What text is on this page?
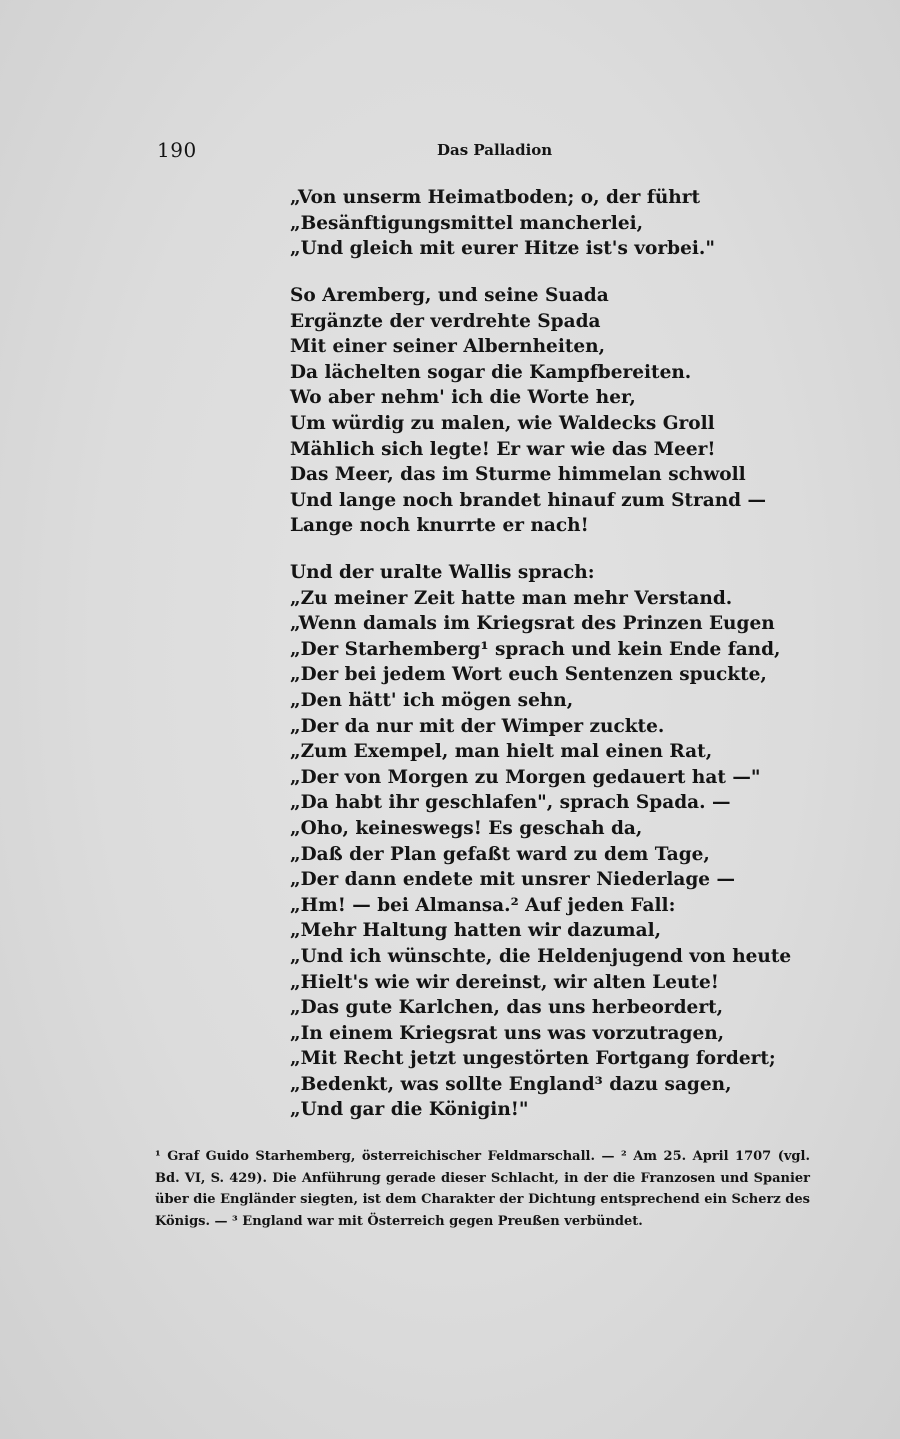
190	Das Palladion
„Von unserm Heimatboden; o, der führt
„Besänftigungsmittel mancherlei,
„Und gleich mit eurer Hitze ist's vorbei."
So Aremberg, und seine Suada
Ergänzte der verdrehte Spada
Mit einer seiner Albernheiten,
Da lächelten sogar die Kampfbereiten.
Wo aber nehm' ich die Worte her,
Um würdig zu malen, wie Waldecks Groll
Mählich sich legte! Er war wie das Meer!
Das Meer, das im Sturme himmelan schwoll
Und lange noch brandet hinauf zum Strand —
Lange noch knurrte er nach!
Und der uralte Wallis sprach:
„Zu meiner Zeit hatte man mehr Verstand.
„Wenn damals im Kriegsrat des Prinzen Eugen
„Der Starhemberg¹ sprach und kein Ende fand,
„Der bei jedem Wort euch Sentenzen spuckte,
„Den hätt' ich mögen sehn,
„Der da nur mit der Wimper zuckte.
„Zum Exempel, man hielt mal einen Rat,
„Der von Morgen zu Morgen gedauert hat —"
„Da habt ihr geschlafen", sprach Spada. —
„Oho, keineswegs! Es geschah da,
„Daß der Plan gefaßt ward zu dem Tage,
„Der dann endete mit unsrer Niederlage —
„Hm! — bei Almansa.² Auf jeden Fall:
„Mehr Haltung hatten wir dazumal,
„Und ich wünschte, die Heldenjugend von heute
„Hielt's wie wir dereinst, wir alten Leute!
„Das gute Karlchen, das uns herbeordert,
„In einem Kriegsrat uns was vorzutragen,
„Mit Recht jetzt ungestörten Fortgang fordert;
„Bedenkt, was sollte England³ dazu sagen,
„Und gar die Königin!"

¹ Graf Guido Starhemberg, österreichischer Feldmarschall. — ² Am 25. April 1707 (vgl. Bd. VI, S. 429). Die Anführung gerade dieser Schlacht, in der die Franzosen und Spanier über die Engländer siegten, ist dem Charakter der Dichtung entsprechend ein Scherz des Königs. — ³ England war mit Österreich gegen Preußen verbündet.
